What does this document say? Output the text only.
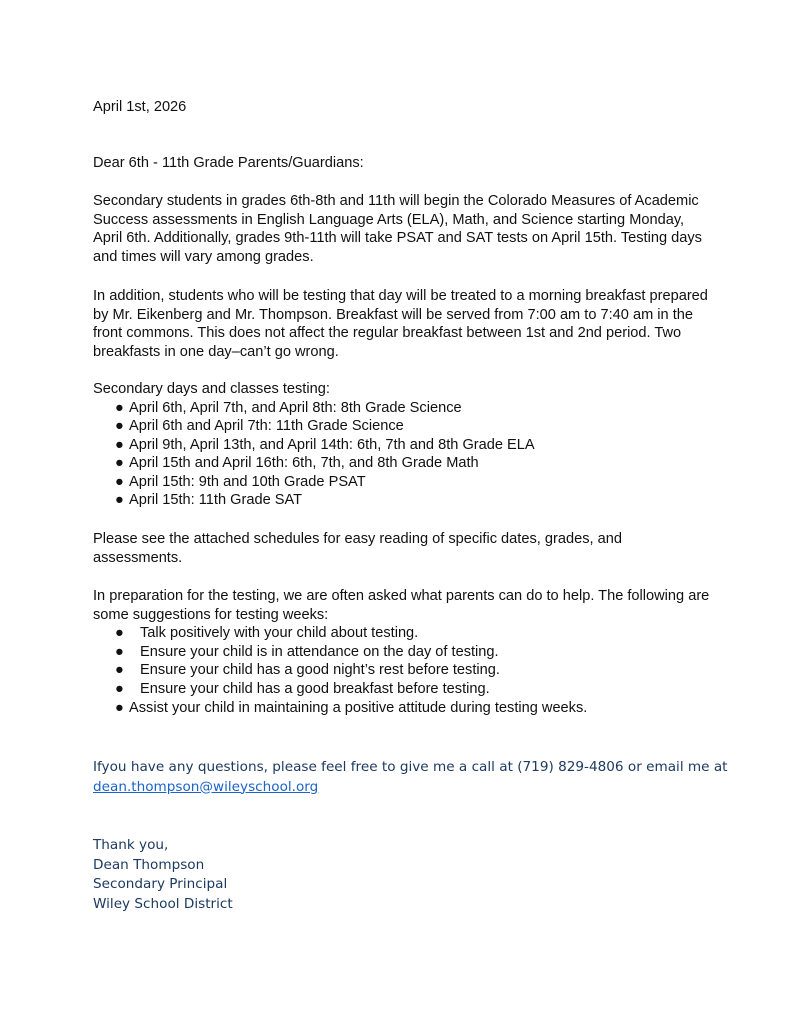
April 1st, 2026
Dear 6th - 11th Grade Parents/Guardians:
Secondary students in grades 6th-8th and 11th will begin the Colorado Measures of Academic Success assessments in English Language Arts (ELA), Math, and Science starting Monday, April 6th. Additionally, grades 9th-11th will take PSAT and SAT tests on April 15th. Testing days and times will vary among grades.
In addition, students who will be testing that day will be treated to a morning breakfast prepared by Mr. Eikenberg and Mr. Thompson. Breakfast will be served from 7:00 am to 7:40 am in the front commons. This does not affect the regular breakfast between 1st and 2nd period. Two breakfasts in one day–can’t go wrong.
Secondary days and classes testing:
● April 6th, April 7th, and April 8th: 8th Grade Science
● April 6th and April 7th: 11th Grade Science
● April 9th, April 13th, and April 14th: 6th, 7th and 8th Grade ELA
● April 15th and April 16th: 6th, 7th, and 8th Grade Math
● April 15th: 9th and 10th Grade PSAT
● April 15th: 11th Grade SAT
Please see the attached schedules for easy reading of specific dates, grades, and assessments.
In preparation for the testing, we are often asked what parents can do to help. The following are some suggestions for testing weeks:
● Talk positively with your child about testing.
● Ensure your child is in attendance on the day of testing.
● Ensure your child has a good night’s rest before testing.
● Ensure your child has a good breakfast before testing.
● Assist your child in maintaining a positive attitude during testing weeks.
Ifyou have any questions, please feel free to give me a call at (719) 829-4806 or email me at
dean.thompson@wileyschool.org
Thank you,
Dean Thompson
Secondary Principal
Wiley School District
